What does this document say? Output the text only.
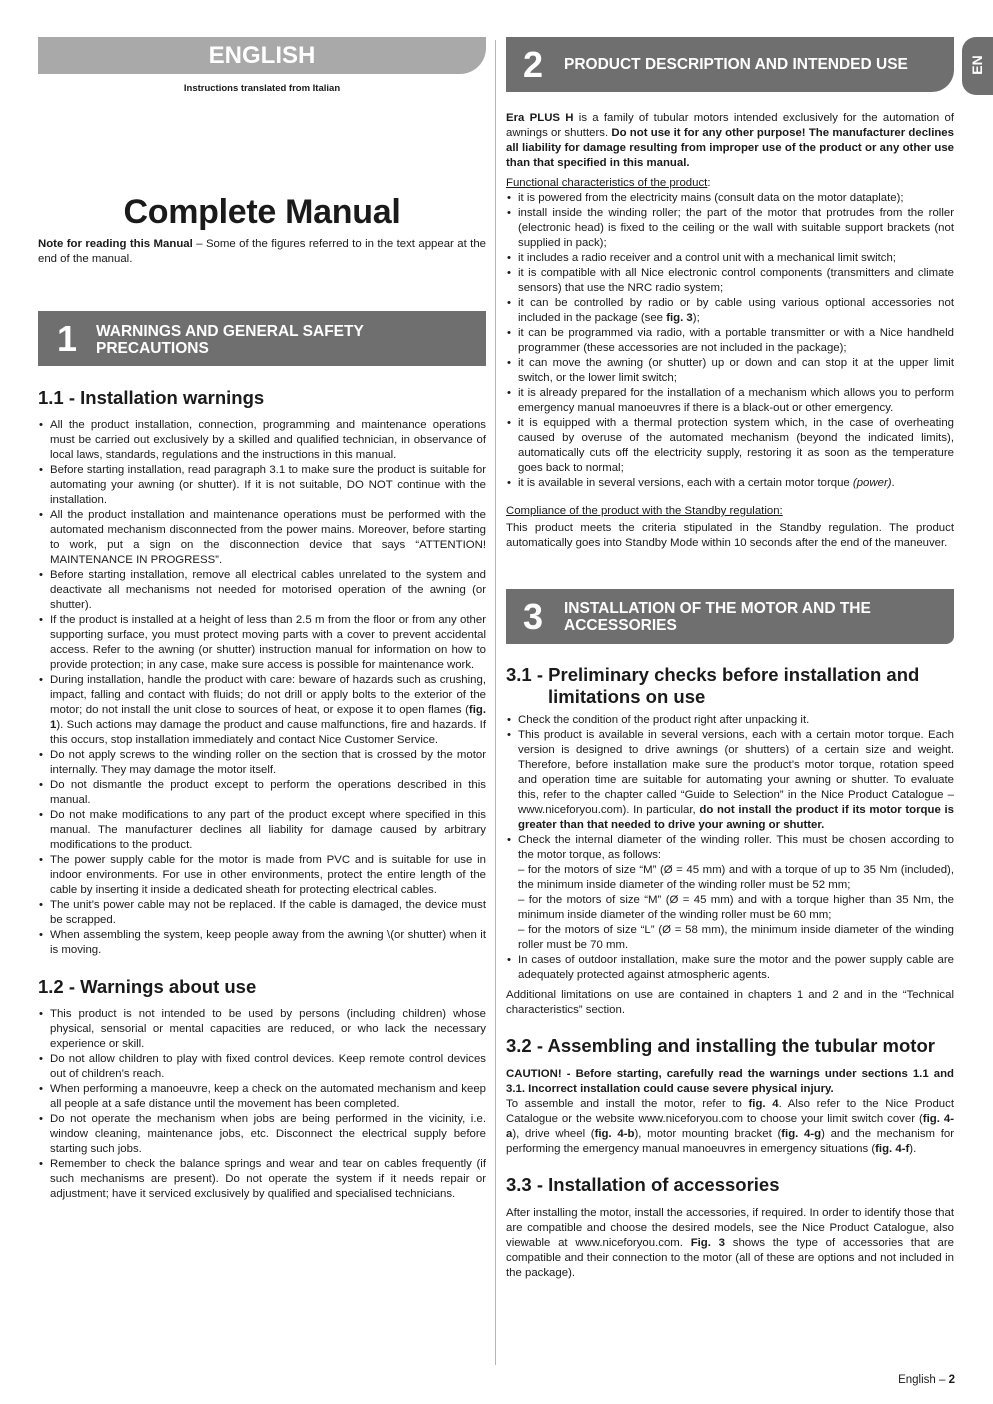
ENGLISH
Instructions translated from Italian
Complete Manual

Note for reading this Manual – Some of the figures referred to in the text appear at the end of the manual.

1	WARNINGS AND GENERAL SAFETY PRECAUTIONS
1.1 - Installation warnings
• All the product installation, connection, programming and maintenance operations must be carried out exclusively by a skilled and qualified technician, in observance of local laws, standards, regulations and the instructions in this manual.
• Before starting installation, read paragraph 3.1 to make sure the product is suitable for automating your awning (or shutter). If it is not suitable, DO NOT continue with the installation.
• All the product installation and maintenance operations must be performed with the automated mechanism disconnected from the power mains. Moreover, before starting to work, put a sign on the disconnection device that says “ATTENTION! MAINTENANCE IN PROGRESS”.
• Before starting installation, remove all electrical cables unrelated to the system and deactivate all mechanisms not needed for motorised operation of the awning (or shutter).
• If the product is installed at a height of less than 2.5 m from the floor or from any other supporting surface, you must protect moving parts with a cover to prevent accidental access. Refer to the awning (or shutter) instruction manual for information on how to provide protection; in any case, make sure access is possible for maintenance work.
• During installation, handle the product with care: beware of hazards such as crushing, impact, falling and contact with fluids; do not drill or apply bolts to the exterior of the motor; do not install the unit close to sources of heat, or expose it to open flames (fig. 1). Such actions may damage the product and cause malfunctions, fire and hazards. If this occurs, stop installation immediately and contact Nice Customer Service.
• Do not apply screws to the winding roller on the section that is crossed by the motor internally. They may damage the motor itself.
• Do not dismantle the product except to perform the operations described in this manual.
• Do not make modifications to any part of the product except where specified in this manual. The manufacturer declines all liability for damage caused by arbitrary modifications to the product.
• The power supply cable for the motor is made from PVC and is suitable for use in indoor environments. For use in other environments, protect the entire length of the cable by inserting it inside a dedicated sheath for protecting electrical cables.
• The unit’s power cable may not be replaced. If the cable is damaged, the device must be scrapped.
• When assembling the system, keep people away from the awning \(or shutter) when it is moving.
1.2 - Warnings about use
• This product is not intended to be used by persons (including children) whose physical, sensorial or mental capacities are reduced, or who lack the necessary experience or skill.
• Do not allow children to play with fixed control devices. Keep remote control devices out of children’s reach.
• When performing a manoeuvre, keep a check on the automated mechanism and keep all people at a safe distance until the movement has been completed.
• Do not operate the mechanism when jobs are being performed in the vicinity, i.e. window cleaning, maintenance jobs, etc. Disconnect the electrical supply before starting such jobs.
• Remember to check the balance springs and wear and tear on cables frequently (if such mechanisms are present). Do not operate the system if it needs repair or adjustment; have it serviced exclusively by qualified and specialised technicians.
EN
2	PRODUCT DESCRIPTION AND INTENDED USE

Era PLUS H is a family of tubular motors intended exclusively for the automation of awnings or shutters. Do not use it for any other purpose! The manufacturer declines all liability for damage resulting from improper use of the product or any other use than that specified in this manual.

Functional characteristics of the product:

• it is powered from the electricity mains (consult data on the motor dataplate);
• install inside the winding roller; the part of the motor that protrudes from the roller (electronic head) is fixed to the ceiling or the wall with suitable support brackets (not supplied in pack);
• it includes a radio receiver and a control unit with a mechanical limit switch;
• it is compatible with all Nice electronic control components (transmitters and climate sensors) that use the NRC radio system;
• it can be controlled by radio or by cable using various optional accessories not included in the package (see fig. 3);
• it can be programmed via radio, with a portable transmitter or with a Nice handheld programmer (these accessories are not included in the package);
• it can move the awning (or shutter) up or down and can stop it at the upper limit switch, or the lower limit switch;
• it is already prepared for the installation of a mechanism which allows you to perform emergency manual manoeuvres if there is a black-out or other emergency.
• it is equipped with a thermal protection system which, in the case of overheating caused by overuse of the automated mechanism (beyond the indicated limits), automatically cuts off the electricity supply, restoring it as soon as the temperature goes back to normal;
• it is available in several versions, each with a certain motor torque (power).

Compliance of the product with the Standby regulation:

This product meets the criteria stipulated in the Standby regulation. The product automatically goes into Standby Mode within 10 seconds after the end of the maneuver.

3	INSTALLATION OF THE MOTOR AND THE ACCESSORIES
3.1 - Preliminary checks before installation and limitations on use
• Check the condition of the product right after unpacking it.
• This product is available in several versions, each with a certain motor torque. Each version is designed to drive awnings (or shutters) of a certain size and weight. Therefore, before installation make sure the product’s motor torque, rotation speed and operation time are suitable for automating your awning or shutter. To evaluate this, refer to the chapter called “Guide to Selection” in the Nice Product Catalogue – www.niceforyou.com). In particular, do not install the product if its motor torque is greater than that needed to drive your awning or shutter.
• Check the internal diameter of the winding roller. This must be chosen according to the motor torque, as follows:
– for the motors of size “M” (Ø = 45 mm) and with a torque of up to 35 Nm (included), the minimum inside diameter of the winding roller must be 52 mm;
– for the motors of size “M” (Ø = 45 mm) and with a torque higher than 35 Nm, the minimum inside diameter of the winding roller must be 60 mm;
– for the motors of size “L” (Ø = 58 mm), the minimum inside diameter of the winding roller must be 70 mm.
• In cases of outdoor installation, make sure the motor and the power supply cable are adequately protected against atmospheric agents.

Additional limitations on use are contained in chapters 1 and 2 and in the “Technical characteristics” section.

3.2 - Assembling and installing the tubular motor

CAUTION! - Before starting, carefully read the warnings under sections 1.1 and 3.1. Incorrect installation could cause severe physical injury.

To assemble and install the motor, refer to fig. 4. Also refer to the Nice Product Catalogue or the website www.niceforyou.com to choose your limit switch cover (fig. 4-a), drive wheel (fig. 4-b), motor mounting bracket (fig. 4-g) and the mechanism for performing the emergency manual manoeuvres in emergency situations (fig. 4-f).

3.3 - Installation of accessories

After installing the motor, install the accessories, if required. In order to identify those that are compatible and choose the desired models, see the Nice Product Catalogue, also viewable at www.niceforyou.com. Fig. 3 shows the type of accessories that are compatible and their connection to the motor (all of these are options and not included in the package).

English – 2
